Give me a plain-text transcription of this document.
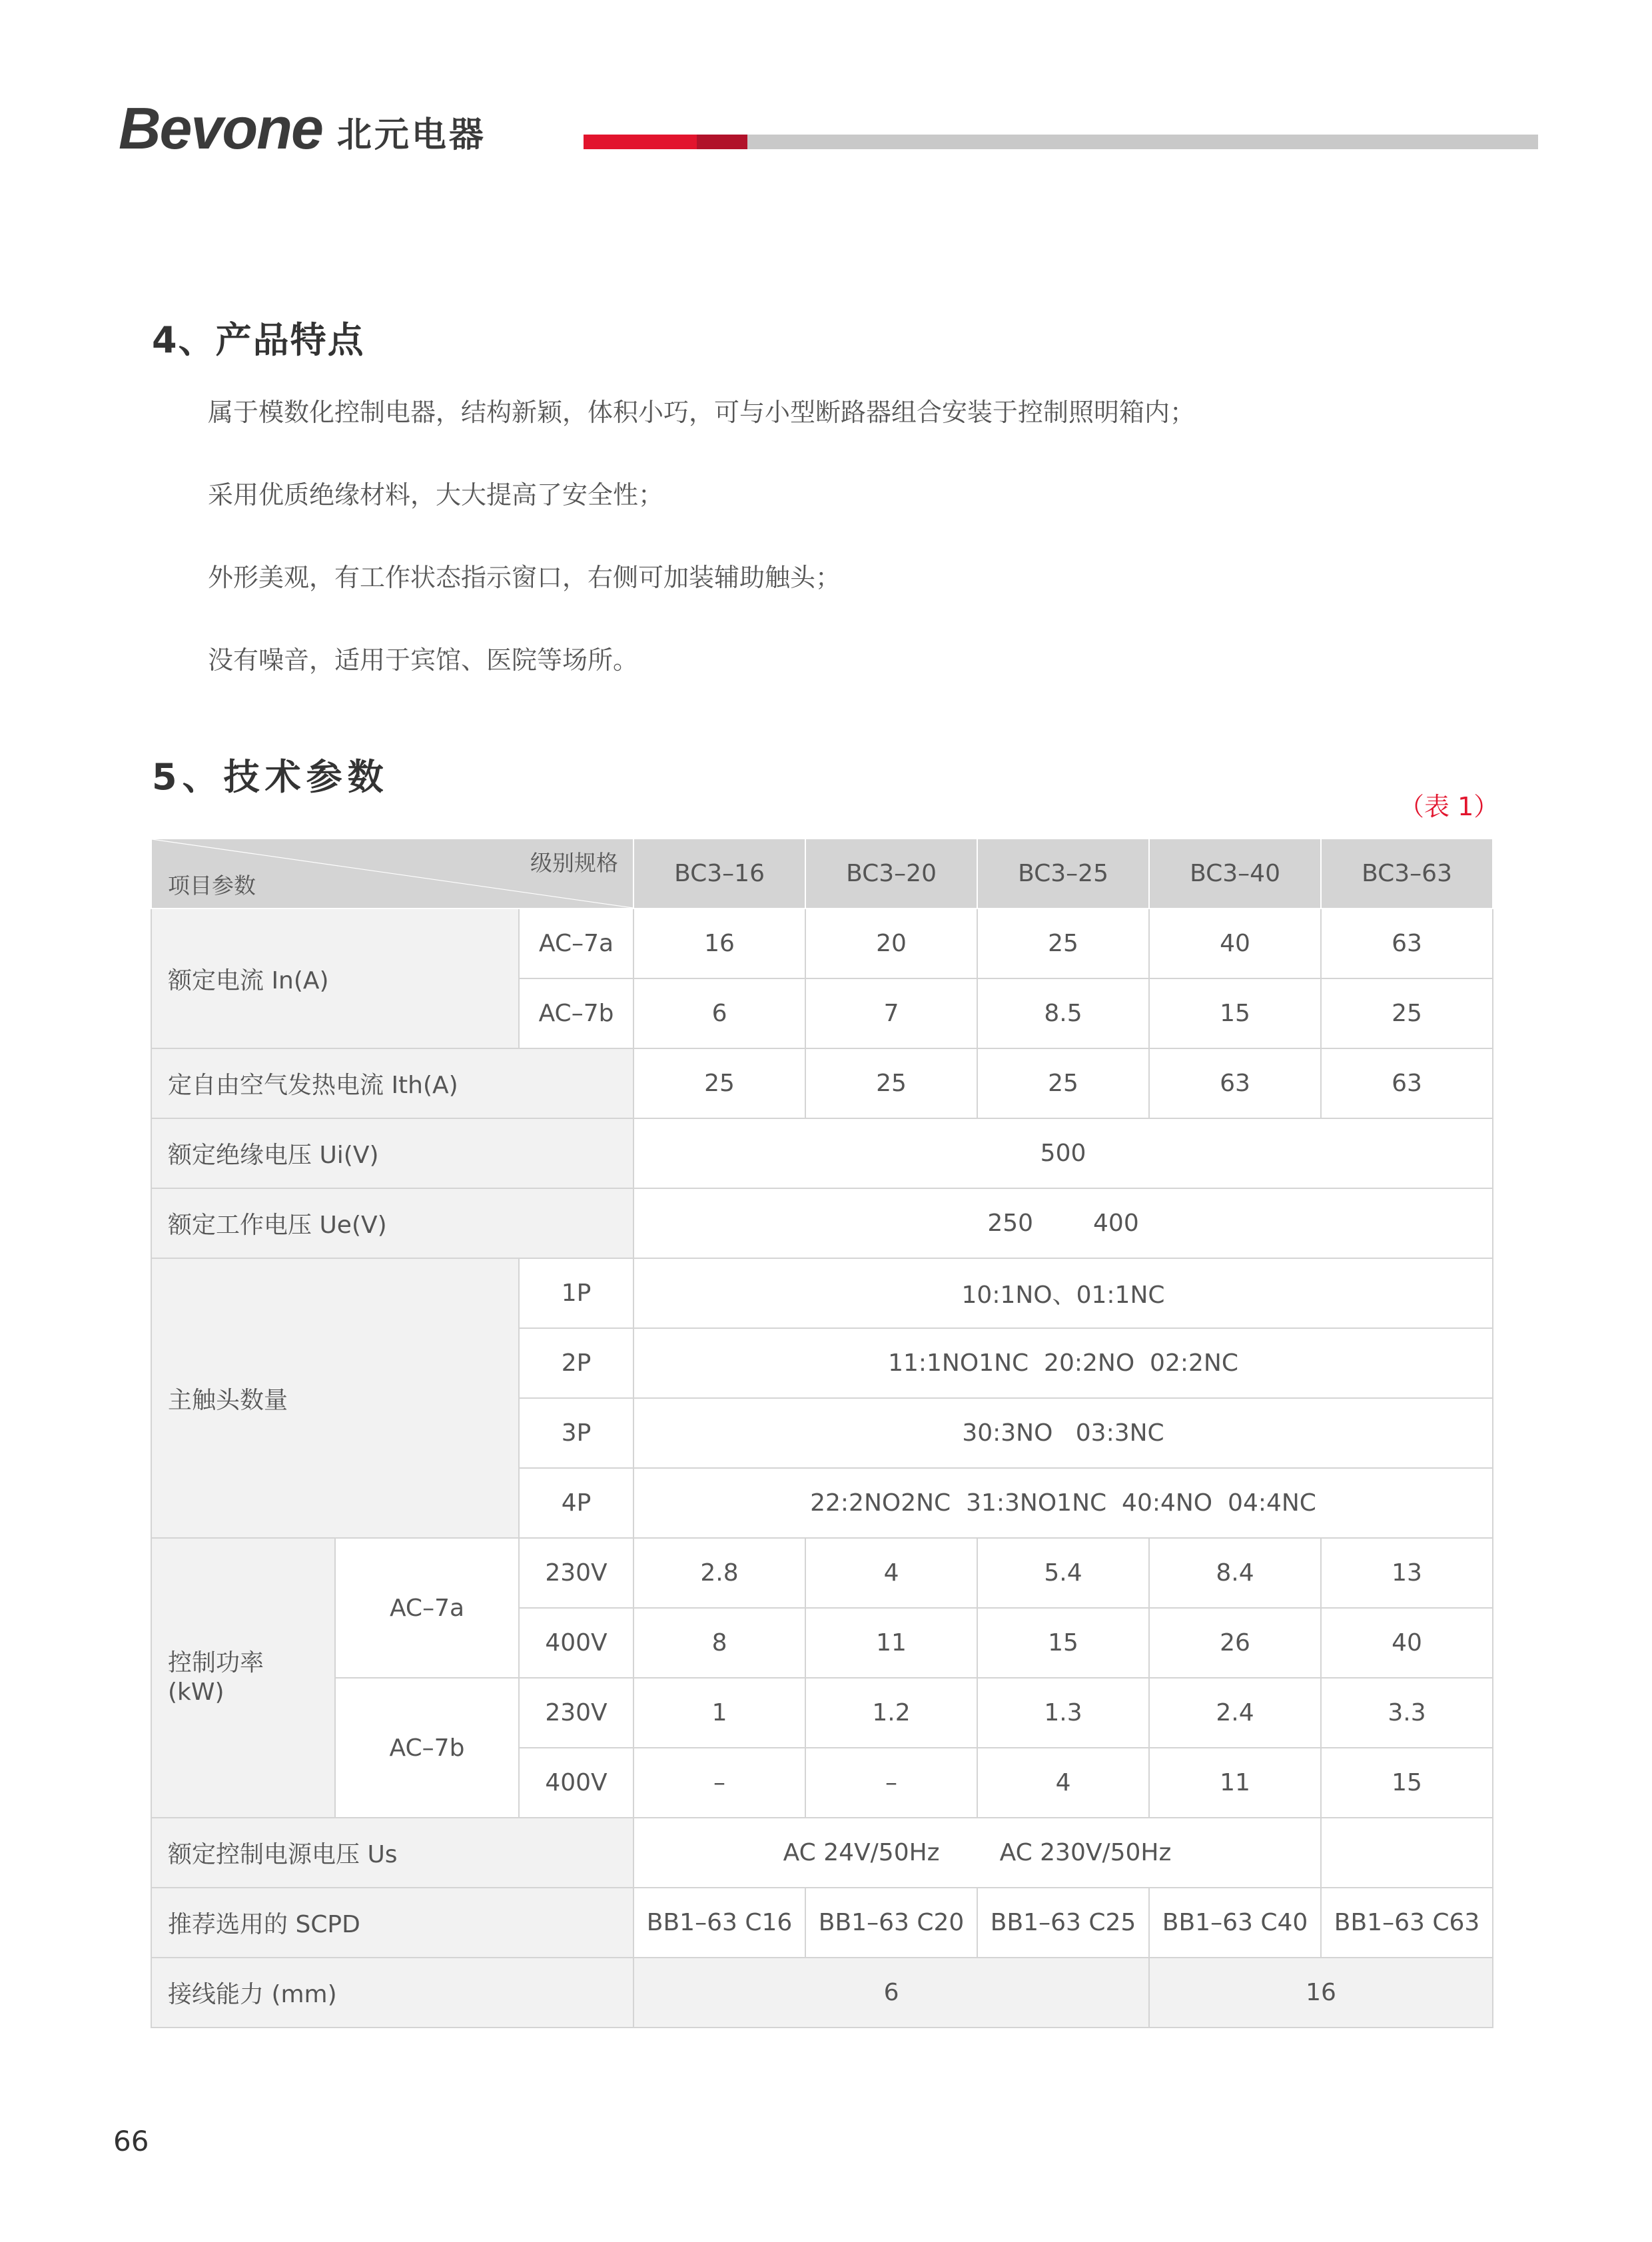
Bevone 北元电器
4、产品特点
属于模数化控制电器，结构新颖，体积小巧，可与小型断路器组合安装于控制照明箱内；
采用优质绝缘材料，大大提高了安全性；
外形美观，有工作状态指示窗口，右侧可加装辅助触头；
没有噪音，适用于宾馆、医院等场所。
5、技术参数
（表 1）
级别规格
项目参数			BC3–16	BC3–20	BC3–25	BC3–40	BC3–63
额定电流 In(A)		AC–7a	16	20	25	40	63
		AC–7b	6	7	8.5	15	25
定自由空气发热电流 Ith(A)			25	25	25	63	63
额定绝缘电压 Ui(V)			500				
额定工作电压 Ue(V)			250 400				
主触头数量		1P	10:1NO、01:1NC				
		2P	11:1NO1NC  20:2NO  02:2NC				
		3P	30:3NO   03:3NC				
		4P	22:2NO2NC  31:3NO1NC  40:4NO  04:4NC				

控制功率
(kW)	AC–7a	230V	2.8	4	5.4	8.4	13
		400V	8	11	15	26	40
	AC–7b	230V	1	1.2	1.3	2.4	3.3
		400V	–	–	4	11	15
额定控制电源电压 Us			AC 24V/50Hz AC 230V/50Hz				
推荐选用的 SCPD			BB1–63 C16	BB1–63 C20	BB1–63 C25	BB1–63 C40	BB1–63 C63
接线能力 (mm)			6			16	
66
